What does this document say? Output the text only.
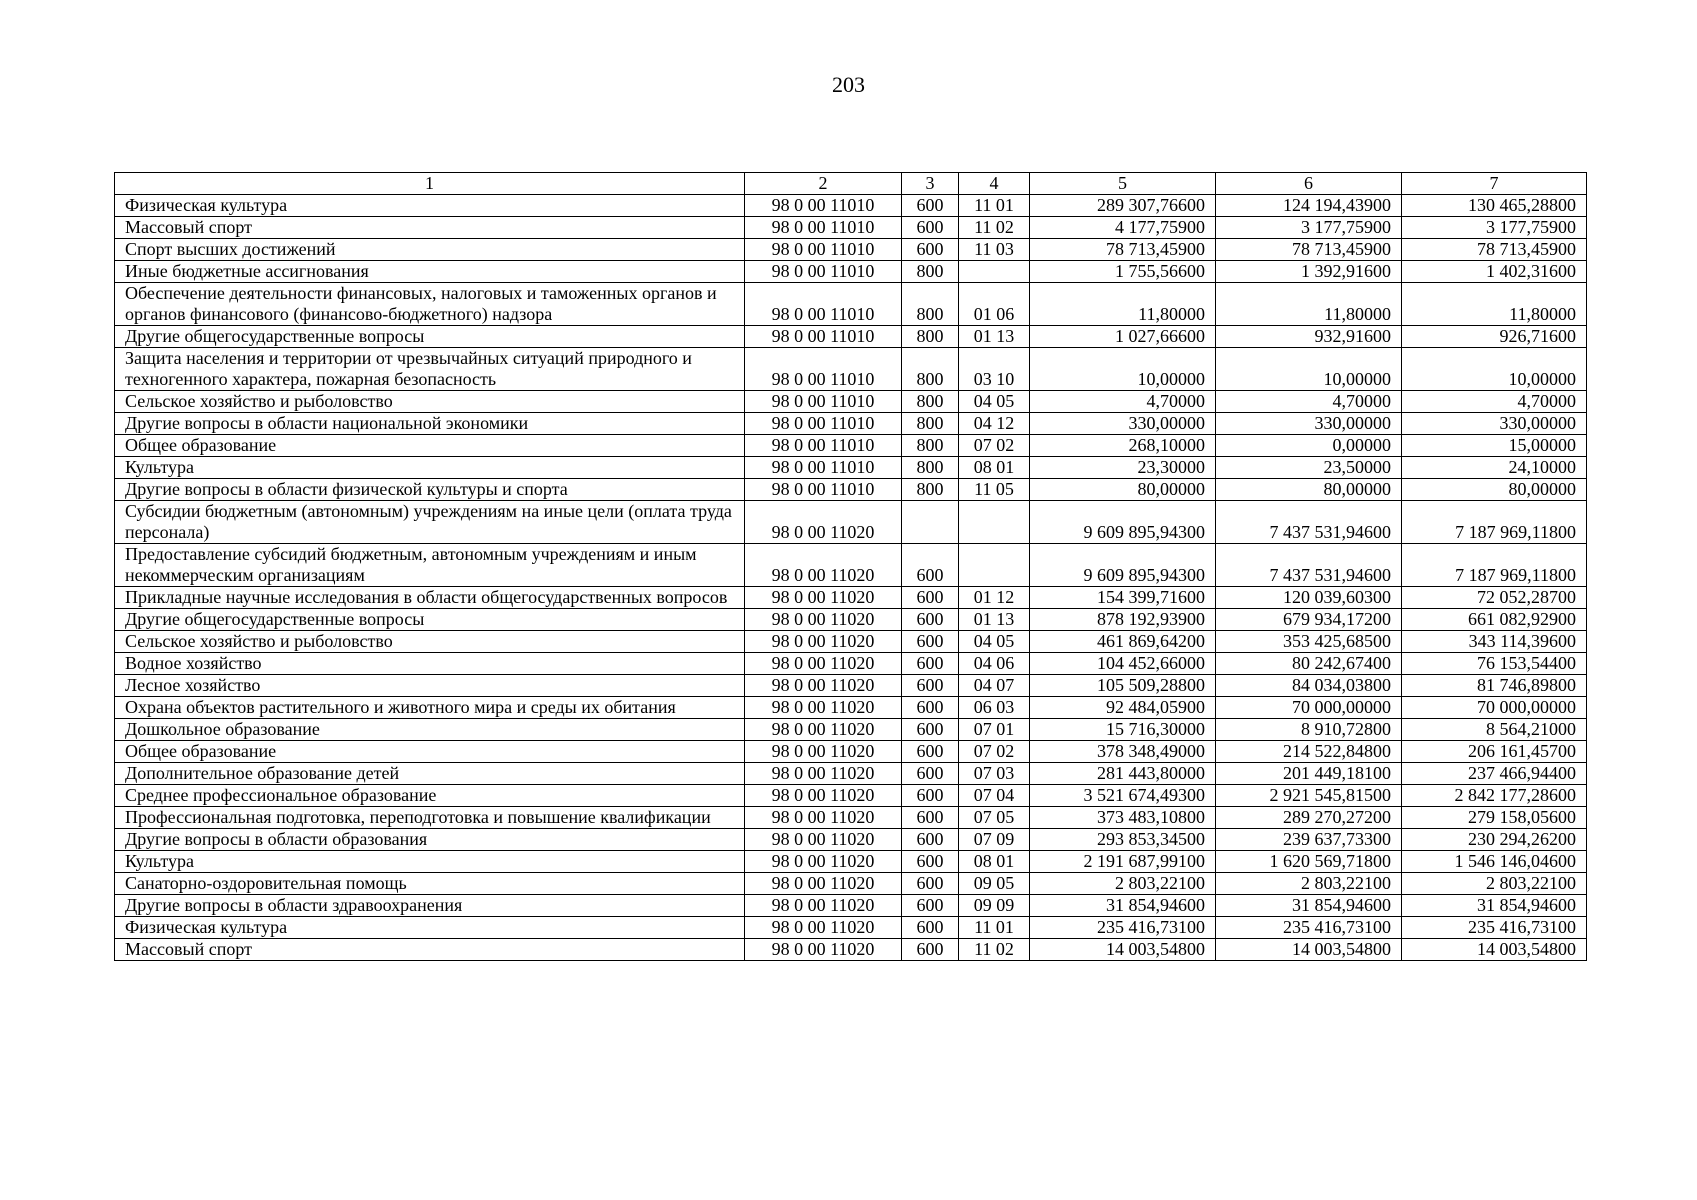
203
1	2	3	4	5	6	7
Физическая культура	98 0 00 11010	600	11 01	289 307,76600	124 194,43900	130 465,28800
Массовый спорт	98 0 00 11010	600	11 02	4 177,75900	3 177,75900	3 177,75900
Спорт высших достижений	98 0 00 11010	600	11 03	78 713,45900	78 713,45900	78 713,45900
Иные бюджетные ассигнования	98 0 00 11010	800		1 755,56600	1 392,91600	1 402,31600
Обеспечение деятельности финансовых, налоговых и таможенных органов и органов финансового (финансово-бюджетного) надзора	98 0 00 11010	800	01 06	11,80000	11,80000	11,80000
Другие общегосударственные вопросы	98 0 00 11010	800	01 13	1 027,66600	932,91600	926,71600
Защита населения и территории от чрезвычайных ситуаций природного и техногенного характера, пожарная безопасность	98 0 00 11010	800	03 10	10,00000	10,00000	10,00000
Сельское хозяйство и рыболовство	98 0 00 11010	800	04 05	4,70000	4,70000	4,70000
Другие вопросы в области национальной экономики	98 0 00 11010	800	04 12	330,00000	330,00000	330,00000
Общее образование	98 0 00 11010	800	07 02	268,10000	0,00000	15,00000
Культура	98 0 00 11010	800	08 01	23,30000	23,50000	24,10000
Другие вопросы в области физической культуры и спорта	98 0 00 11010	800	11 05	80,00000	80,00000	80,00000
Субсидии бюджетным (автономным) учреждениям на иные цели (оплата труда персонала)	98 0 00 11020			9 609 895,94300	7 437 531,94600	7 187 969,11800
Предоставление субсидий бюджетным, автономным учреждениям и иным некоммерческим организациям	98 0 00 11020	600		9 609 895,94300	7 437 531,94600	7 187 969,11800
Прикладные научные исследования в области общегосударственных вопросов	98 0 00 11020	600	01 12	154 399,71600	120 039,60300	72 052,28700
Другие общегосударственные вопросы	98 0 00 11020	600	01 13	878 192,93900	679 934,17200	661 082,92900
Сельское хозяйство и рыболовство	98 0 00 11020	600	04 05	461 869,64200	353 425,68500	343 114,39600
Водное хозяйство	98 0 00 11020	600	04 06	104 452,66000	80 242,67400	76 153,54400
Лесное хозяйство	98 0 00 11020	600	04 07	105 509,28800	84 034,03800	81 746,89800
Охрана объектов растительного и животного мира и среды их обитания	98 0 00 11020	600	06 03	92 484,05900	70 000,00000	70 000,00000
Дошкольное образование	98 0 00 11020	600	07 01	15 716,30000	8 910,72800	8 564,21000
Общее образование	98 0 00 11020	600	07 02	378 348,49000	214 522,84800	206 161,45700
Дополнительное образование детей	98 0 00 11020	600	07 03	281 443,80000	201 449,18100	237 466,94400
Среднее профессиональное образование	98 0 00 11020	600	07 04	3 521 674,49300	2 921 545,81500	2 842 177,28600
Профессиональная подготовка, переподготовка и повышение квалификации	98 0 00 11020	600	07 05	373 483,10800	289 270,27200	279 158,05600
Другие вопросы в области образования	98 0 00 11020	600	07 09	293 853,34500	239 637,73300	230 294,26200
Культура	98 0 00 11020	600	08 01	2 191 687,99100	1 620 569,71800	1 546 146,04600
Санаторно-оздоровительная помощь	98 0 00 11020	600	09 05	2 803,22100	2 803,22100	2 803,22100
Другие вопросы в области здравоохранения	98 0 00 11020	600	09 09	31 854,94600	31 854,94600	31 854,94600
Физическая культура	98 0 00 11020	600	11 01	235 416,73100	235 416,73100	235 416,73100
Массовый спорт	98 0 00 11020	600	11 02	14 003,54800	14 003,54800	14 003,54800
